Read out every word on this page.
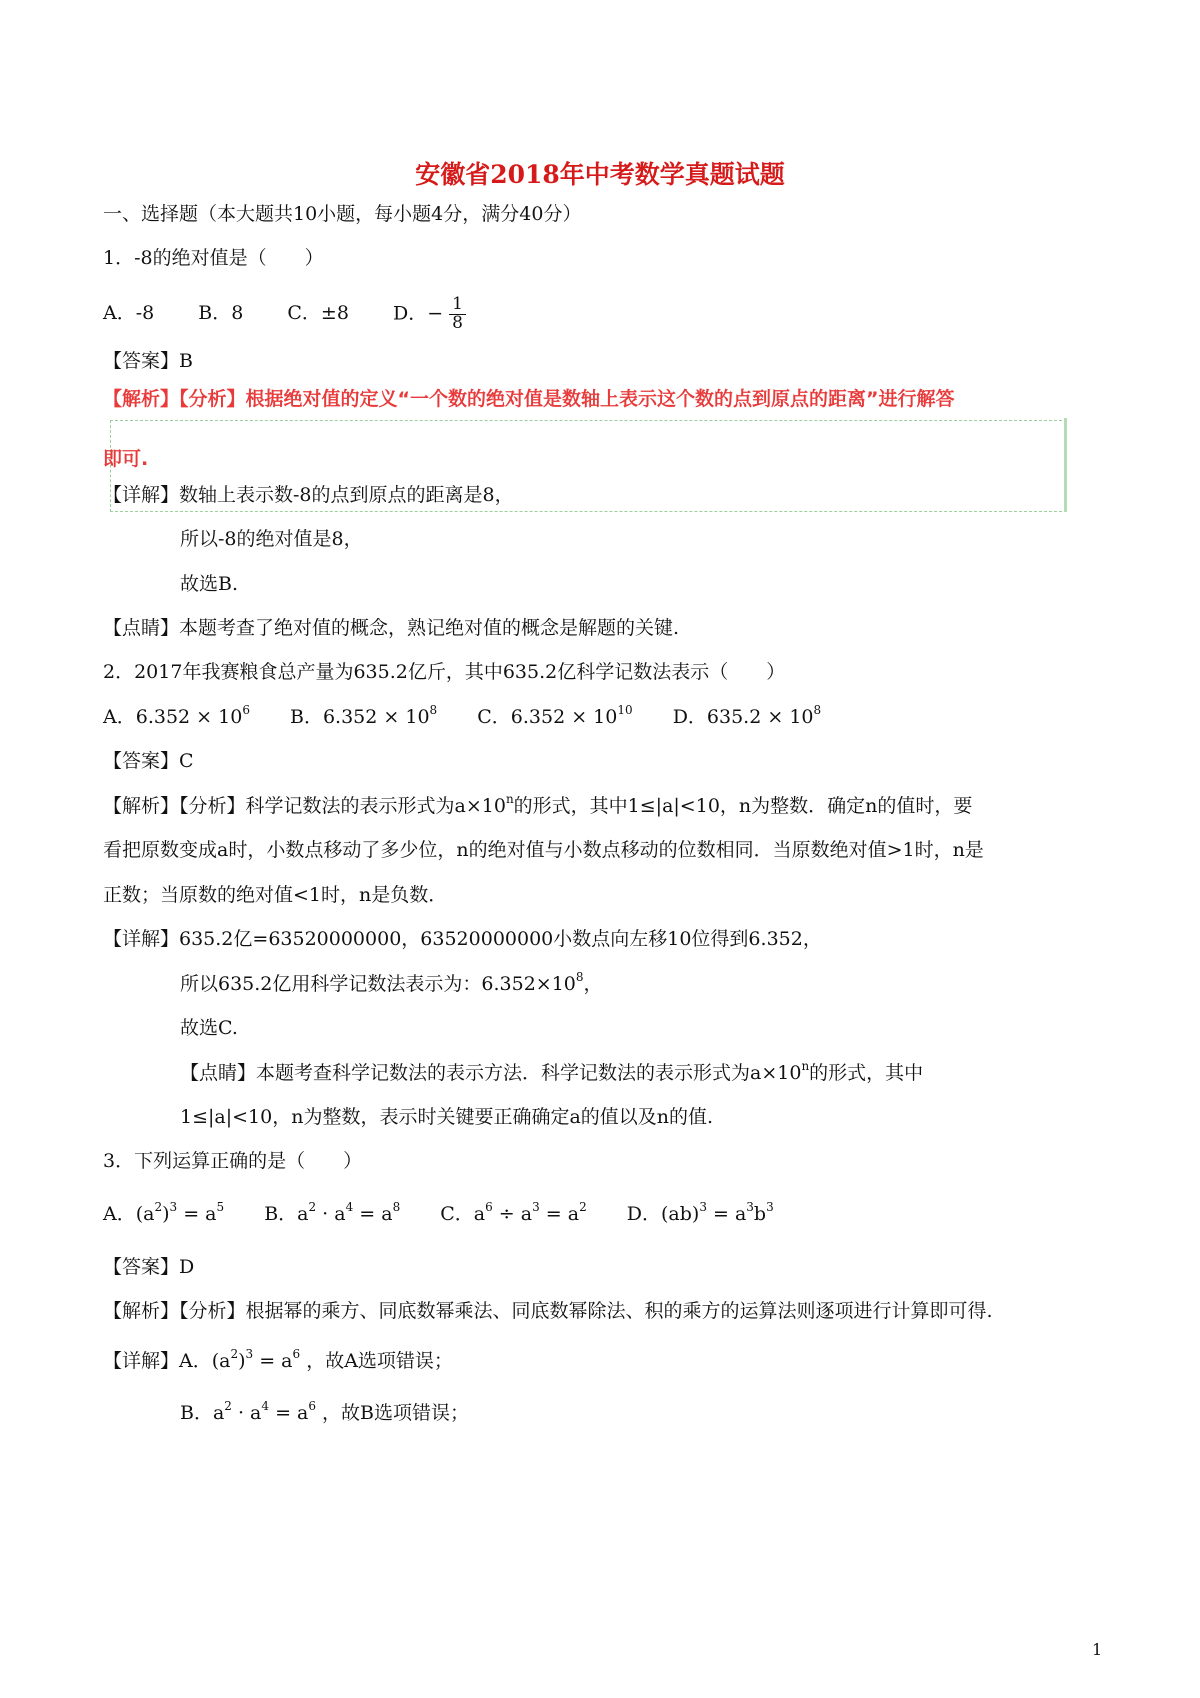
安徽省2018年中考数学真题试题
一、选择题（本大题共10小题，每小题4分，满分40分）
1．-8的绝对值是（　　）
A．-8 B．8 C．±8 D．− $\frac{1}{8}$
【答案】B
【解析】【分析】根据绝对值的定义“一个数的绝对值是数轴上表示这个数的点到原点的距离”进行解答
即可.
【详解】数轴上表示数-8的点到原点的距离是8，
所以-8的绝对值是8，
故选B.
【点睛】本题考查了绝对值的概念，熟记绝对值的概念是解题的关键.
2．2017年我赛粮食总产量为635.2亿斤，其中635.2亿科学记数法表示（　　）
A．$6.352 \times 10^6$ B．$6.352 \times 10^8$ C．$6.352 \times 10^{10}$ D．$635.2 \times 10^8$
【答案】C
【解析】【分析】科学记数法的表示形式为$a\times 10^n$的形式，其中1≤|a|<10，n为整数．确定n的值时，要
看把原数变成a时，小数点移动了多少位，n的绝对值与小数点移动的位数相同．当原数绝对值>1时，n是
正数；当原数的绝对值<1时，n是负数．
【详解】635.2亿=63520000000，63520000000小数点向左移10位得到6.352，
所以635.2亿用科学记数法表示为：$6.352\times 10^8$，
故选C.
【点睛】本题考查科学记数法的表示方法．科学记数法的表示形式为$a\times 10^n$的形式，其中
1≤|a|<10，n为整数，表示时关键要正确确定a的值以及n的值.
3．下列运算正确的是（　　）
A．$(a^2)^3 = a^5$ B．$a^2 \cdot a^4 = a^8$ C．$a^6 \div a^3 = a^2$ D．$(ab)^3 = a^3b^3$
【答案】D
【解析】【分析】根据幂的乘方、同底数幂乘法、同底数幂除法、积的乘方的运算法则逐项进行计算即可得.
【详解】A．$(a^2)^3 = a^6$ ，故A选项错误；
B．$a^2 \cdot a^4 = a^6$ ，故B选项错误；
1
